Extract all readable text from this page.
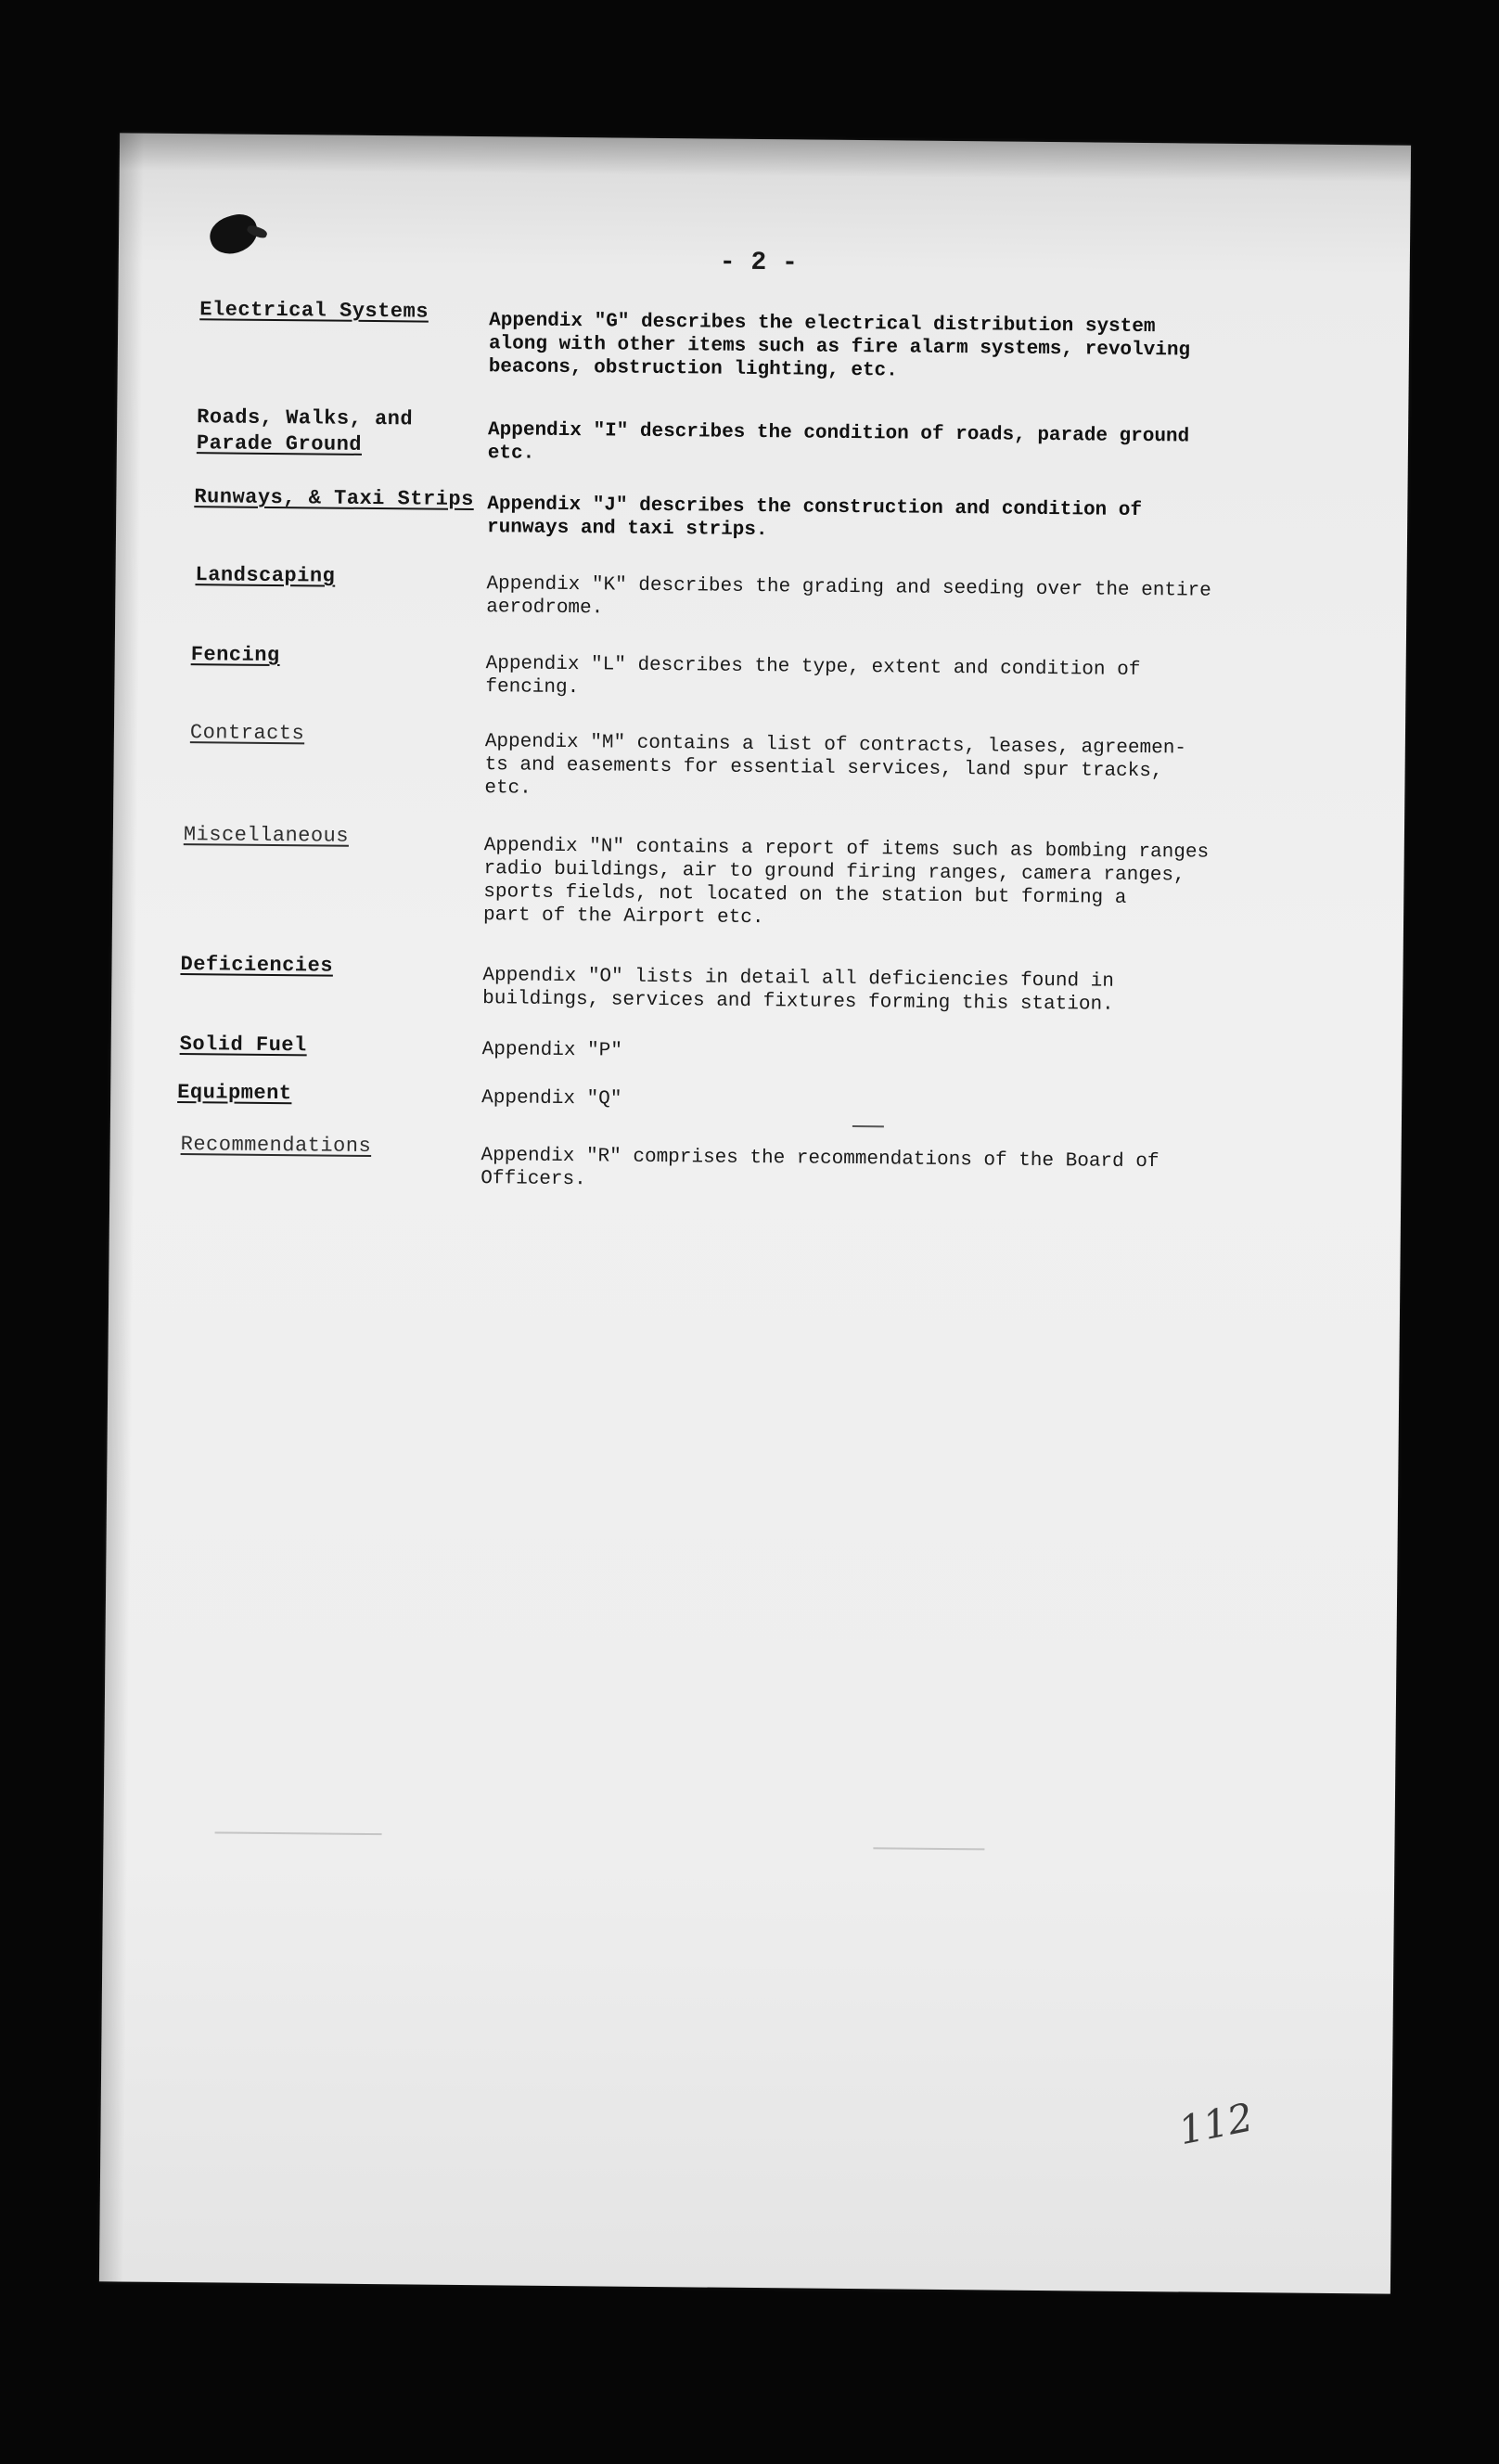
- 2 -
Electrical Systems	Appendix "G" describes the electrical distribution system
along with other items such as fire alarm systems, revolving
beacons, obstruction lighting, etc.
Roads, Walks, and
Parade Ground	Appendix "I" describes the condition of roads, parade ground
etc.
Runways, & Taxi Strips Appendix "J" describes the construction and condition of
runways and taxi strips.
Landscaping	Appendix "K" describes the grading and seeding over the entire
aerodrome.
Fencing	Appendix "L" describes the type, extent and condition of
fencing.
Contracts	Appendix "M" contains a list of contracts, leases, agreemen-
ts and easements for essential services, land spur tracks,
etc.
Miscellaneous	Appendix "N" contains a report of items such as bombing ranges
radio buildings, air to ground firing ranges, camera ranges,
sports fields, not located on the station but forming a
part of the Airport etc.
Deficiencies	Appendix "O" lists in detail all deficiencies found in
buildings, services and fixtures forming this station.
Solid Fuel	Appendix "P"
Equipment	Appendix "Q"
Recommendations	Appendix "R" comprises the recommendations of the Board of
Officers.
112
